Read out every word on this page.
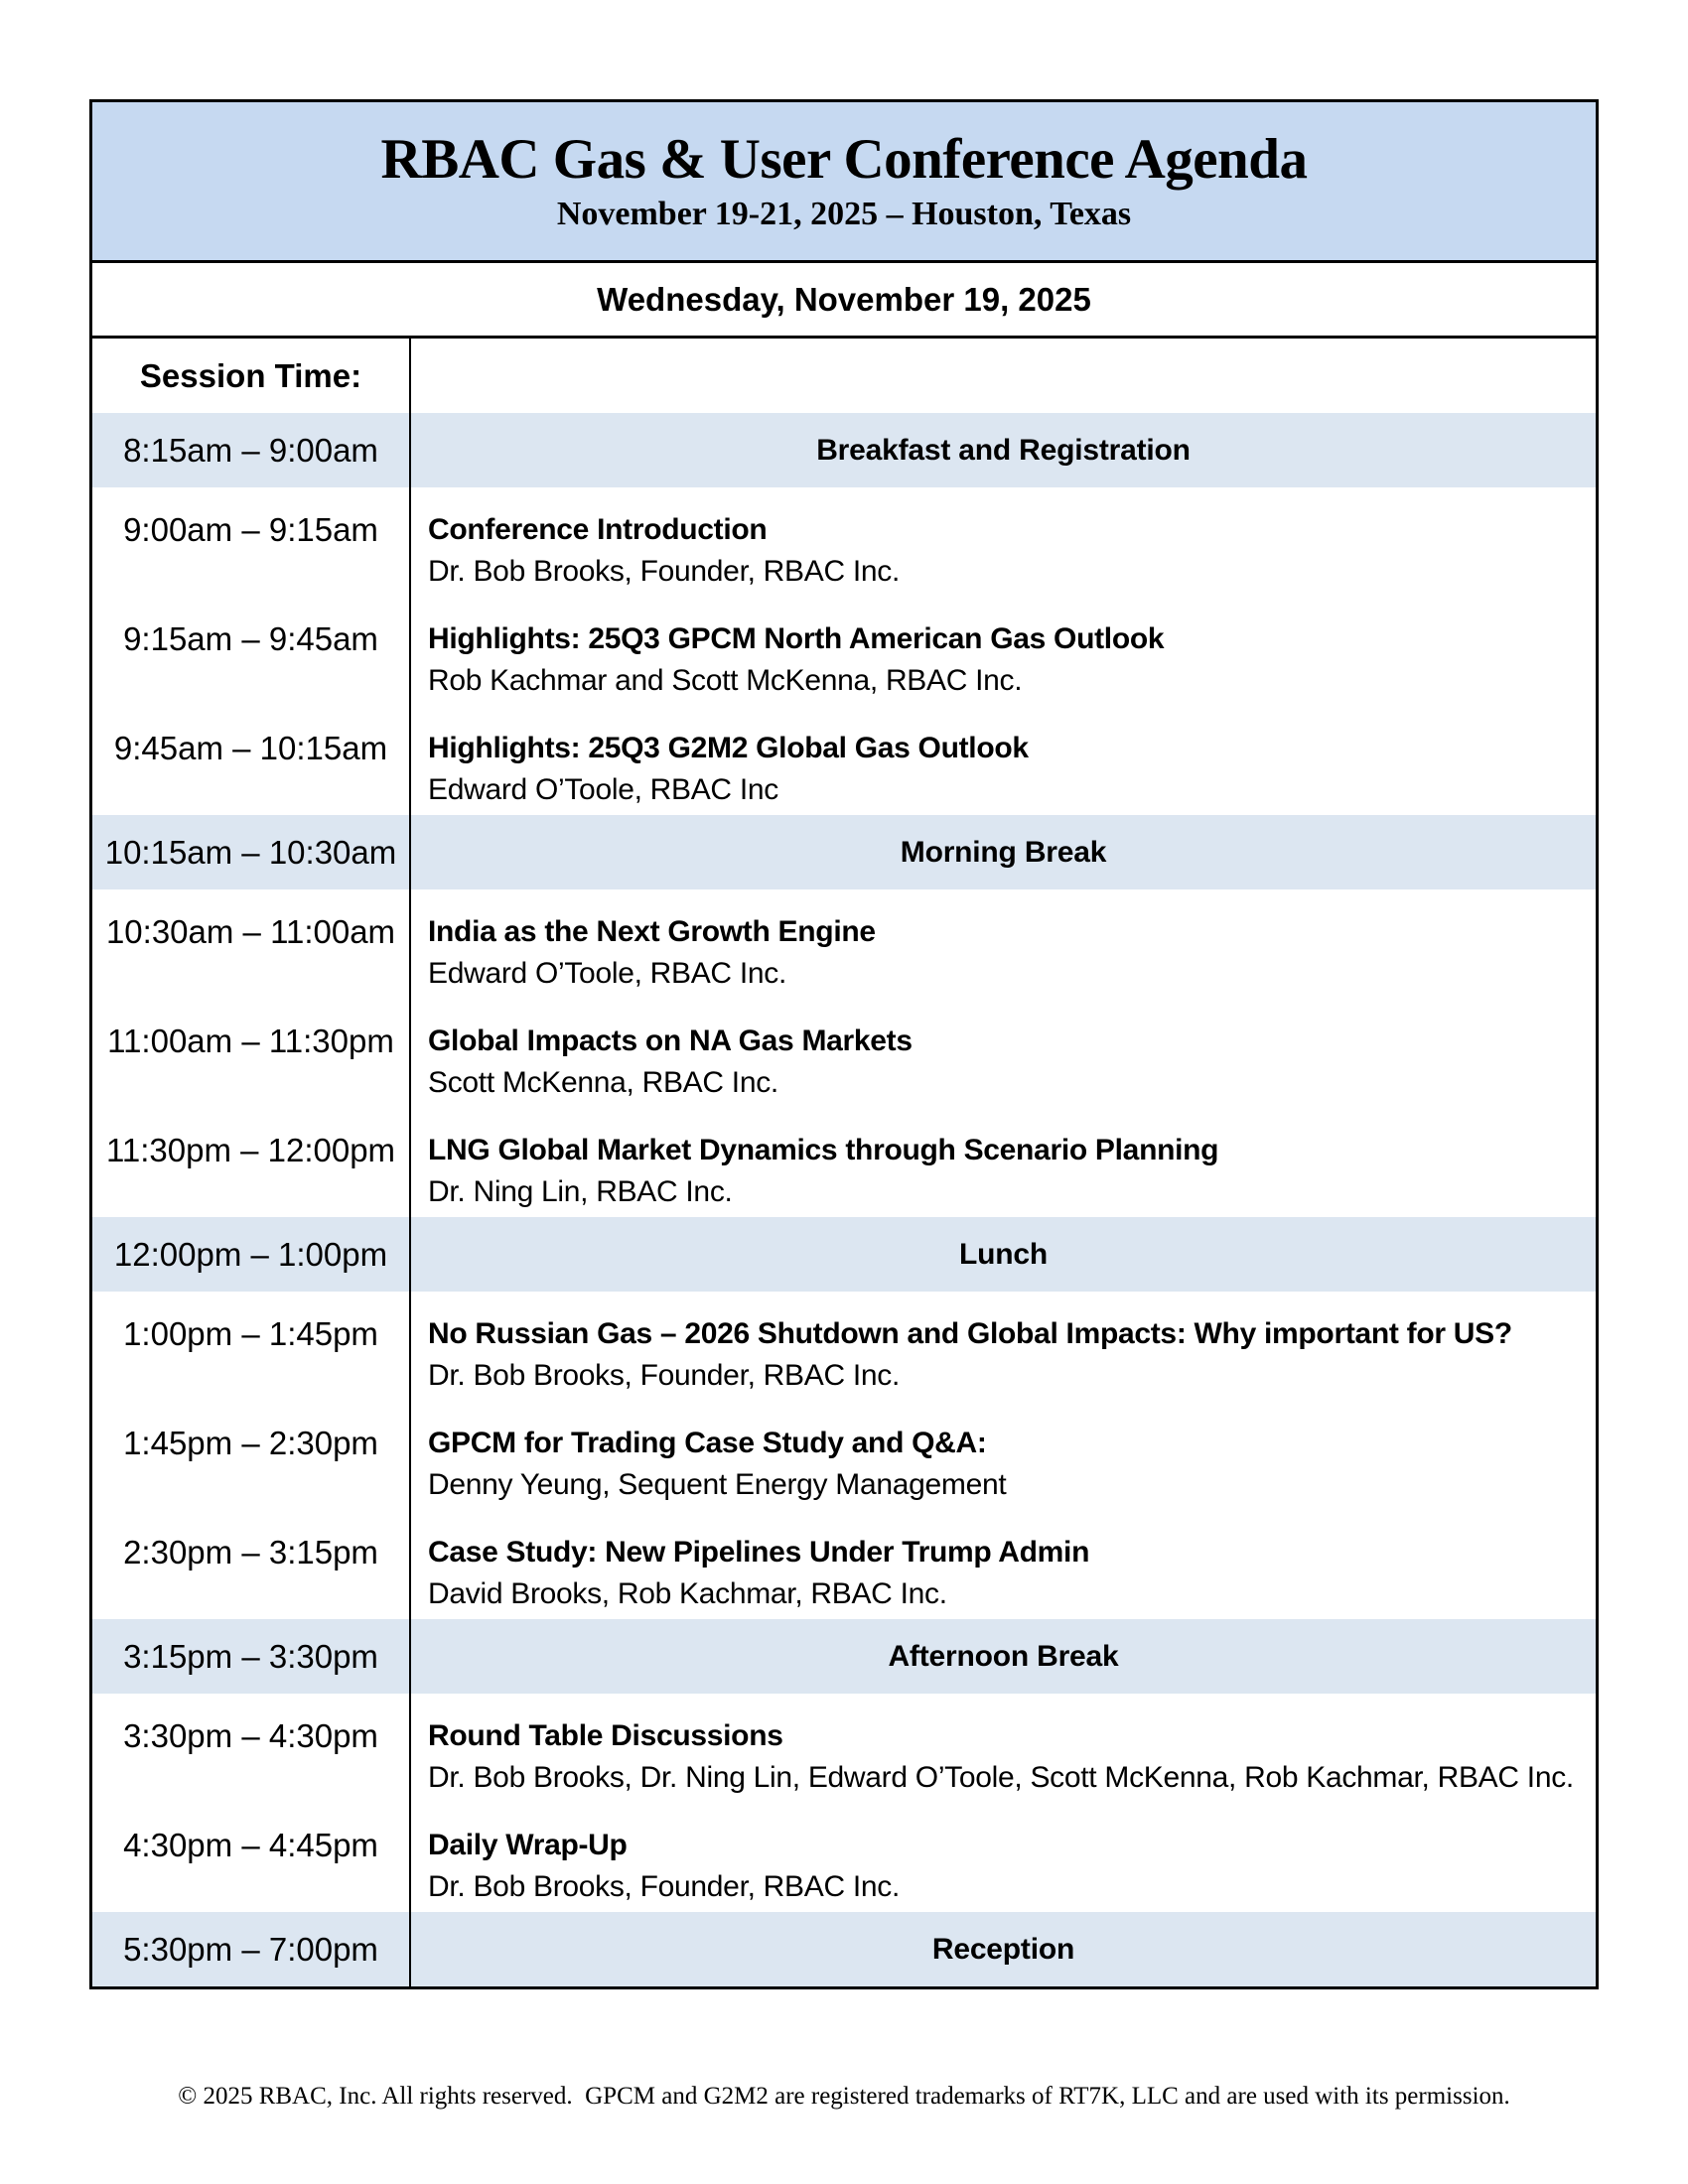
RBAC Gas & User Conference Agenda
November 19-21, 2025 – Houston, Texas
Wednesday, November 19, 2025
Session Time:
8:15am – 9:00am	Breakfast and Registration
9:00am – 9:15am	Conference Introduction
Dr. Bob Brooks, Founder, RBAC Inc.
9:15am – 9:45am	Highlights: 25Q3 GPCM North American Gas Outlook
Rob Kachmar and Scott McKenna, RBAC Inc.
9:45am – 10:15am	Highlights: 25Q3 G2M2 Global Gas Outlook
Edward O’Toole, RBAC Inc
10:15am – 10:30am	Morning Break
10:30am – 11:00am	India as the Next Growth Engine
Edward O’Toole, RBAC Inc.
11:00am – 11:30pm	Global Impacts on NA Gas Markets
Scott McKenna, RBAC Inc.
11:30pm – 12:00pm	LNG Global Market Dynamics through Scenario Planning
Dr. Ning Lin, RBAC Inc.
12:00pm – 1:00pm	Lunch
1:00pm – 1:45pm	No Russian Gas – 2026 Shutdown and Global Impacts: Why important for US?
Dr. Bob Brooks, Founder, RBAC Inc.
1:45pm – 2:30pm	GPCM for Trading Case Study and Q&A:
Denny Yeung, Sequent Energy Management
2:30pm – 3:15pm	Case Study: New Pipelines Under Trump Admin
David Brooks, Rob Kachmar, RBAC Inc.
3:15pm – 3:30pm	Afternoon Break
3:30pm – 4:30pm	Round Table Discussions
Dr. Bob Brooks, Dr. Ning Lin, Edward O’Toole, Scott McKenna, Rob Kachmar, RBAC Inc.
4:30pm – 4:45pm	Daily Wrap-Up
Dr. Bob Brooks, Founder, RBAC Inc.
5:30pm – 7:00pm	Reception
© 2025 RBAC, Inc. All rights reserved.  GPCM and G2M2 are registered trademarks of RT7K, LLC and are used with its permission.
